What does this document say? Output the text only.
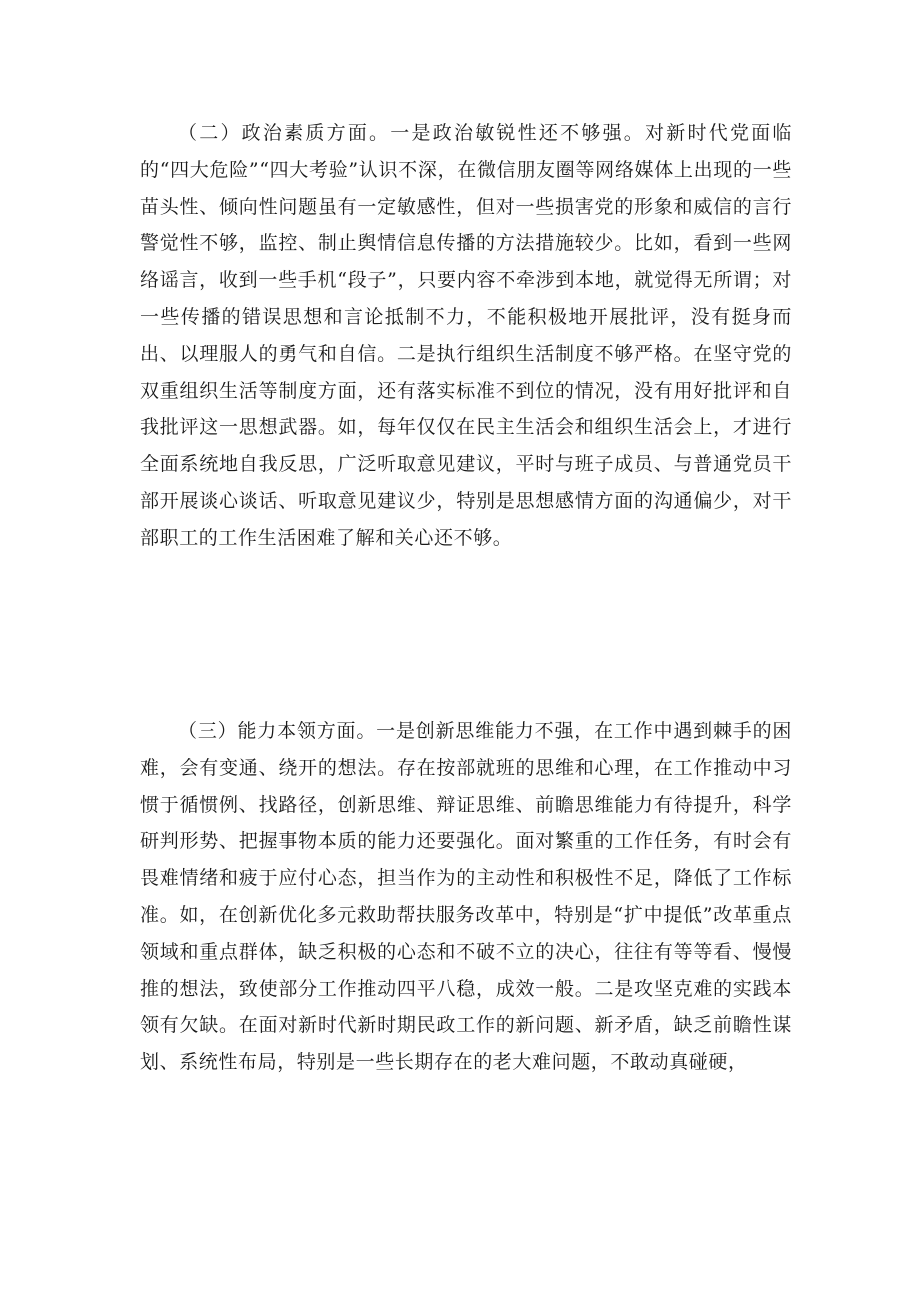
（二）政治素质方面。一是政治敏锐性还不够强。对新时代党面临的“四大危险”“四大考验”认识不深，在微信朋友圈等网络媒体上出现的一些苗头性、倾向性问题虽有一定敏感性，但对一些损害党的形象和威信的言行警觉性不够，监控、制止舆情信息传播的方法措施较少。比如，看到一些网络谣言，收到一些手机“段子”，只要内容不牵涉到本地，就觉得无所谓；对一些传播的错误思想和言论抵制不力，不能积极地开展批评，没有挺身而出、以理服人的勇气和自信。二是执行组织生活制度不够严格。在坚守党的双重组织生活等制度方面，还有落实标准不到位的情况，没有用好批评和自我批评这一思想武器。如，每年仅仅在民主生活会和组织生活会上，才进行全面系统地自我反思，广泛听取意见建议，平时与班子成员、与普通党员干部开展谈心谈话、听取意见建议少，特别是思想感情方面的沟通偏少，对干部职工的工作生活困难了解和关心还不够。

（三）能力本领方面。一是创新思维能力不强，在工作中遇到棘手的困难，会有变通、绕开的想法。存在按部就班的思维和心理，在工作推动中习惯于循惯例、找路径，创新思维、辩证思维、前瞻思维能力有待提升，科学研判形势、把握事物本质的能力还要强化。面对繁重的工作任务，有时会有畏难情绪和疲于应付心态，担当作为的主动性和积极性不足，降低了工作标准。如，在创新优化多元救助帮扶服务改革中，特别是“扩中提低”改革重点领域和重点群体，缺乏积极的心态和不破不立的决心，往往有等等看、慢慢推的想法，致使部分工作推动四平八稳，成效一般。二是攻坚克难的实践本领有欠缺。在面对新时代新时期民政工作的新问题、新矛盾，缺乏前瞻性谋划、系统性布局，特别是一些长期存在的老大难问题，不敢动真碰硬，
